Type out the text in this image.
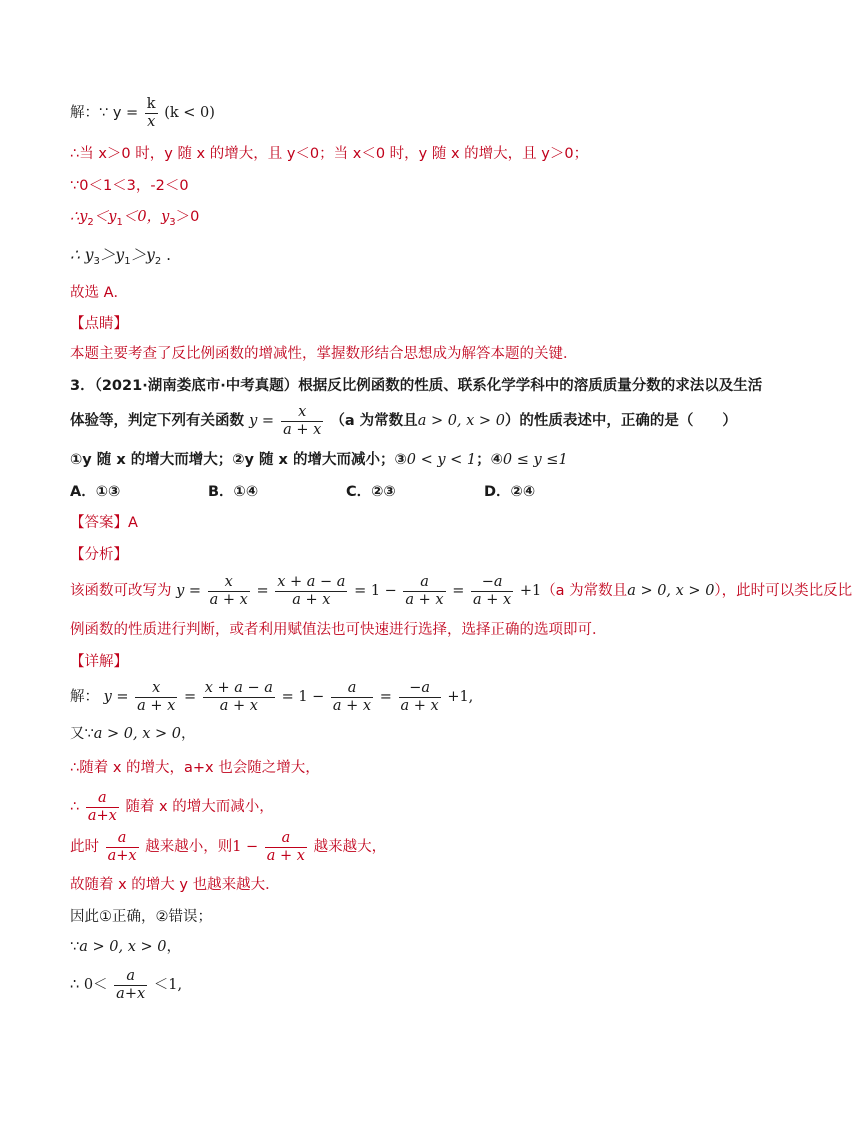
解：∵ $y = \frac{k}{x} (k < 0)$
∴当 x＞0 时，y 随 x 的增大，且 y＜0；当 x＜0 时，y 随 x 的增大，且 y＞0；
∵0＜1＜3，-2＜0
$\therefore y_2<y_1<0$，$y_3>0$
∴ $y_3>y_1>y_2$ .
故选 A．
【点睛】
本题主要考查了反比例函数的增减性，掌握数形结合思想成为解答本题的关键．
3．（2021·湖南娄底市·中考真题）根据反比例函数的性质、联系化学学科中的溶质质量分数的求法以及生活
体验等，判定下列有关函数 $y = \frac{x}{a + x} (a$ 为常数且a > 0, x > 0）的性质表述中，正确的是（　　）
①y 随 x 的增大而增大；②y 随 x 的增大而减小；③0 < y < 1；④0 ≤ y ≤1
A．①③	B．①④	C．②③	D．②④
【答案】A
【分析】
该函数可改写为 $y = \frac{x}{a + x} = \frac{x + a - a}{a + x} = 1 - \frac{a}{a + x} = \frac{-a}{a + x} +1(a$ 为常数且a > 0, x > 0），此时可以类比反比
例函数的性质进行判断，或者利用赋值法也可快速进行选择，选择正确的选项即可．
【详解】
解： $y = \frac{x}{a + x} = \frac{x + a - a}{a + x} = 1 - \frac{a}{a + x} = \frac{-a}{a + x} +1$,
又∵a > 0, x > 0，
∴随着 x 的增大，a+x 也会随之增大，
∴ $\frac{a}{a+x}$ 随着 x 的增大而减小，
此时 $\frac{a}{a+x}$ 越来越小，则$1 - \frac{a}{a + x}$ 越来越大，
故随着 x 的增大 y 也越来越大．
因此①正确，②错误；
∵a > 0, x > 0，
∴ $0< \frac{a}{a+x} <1$,
